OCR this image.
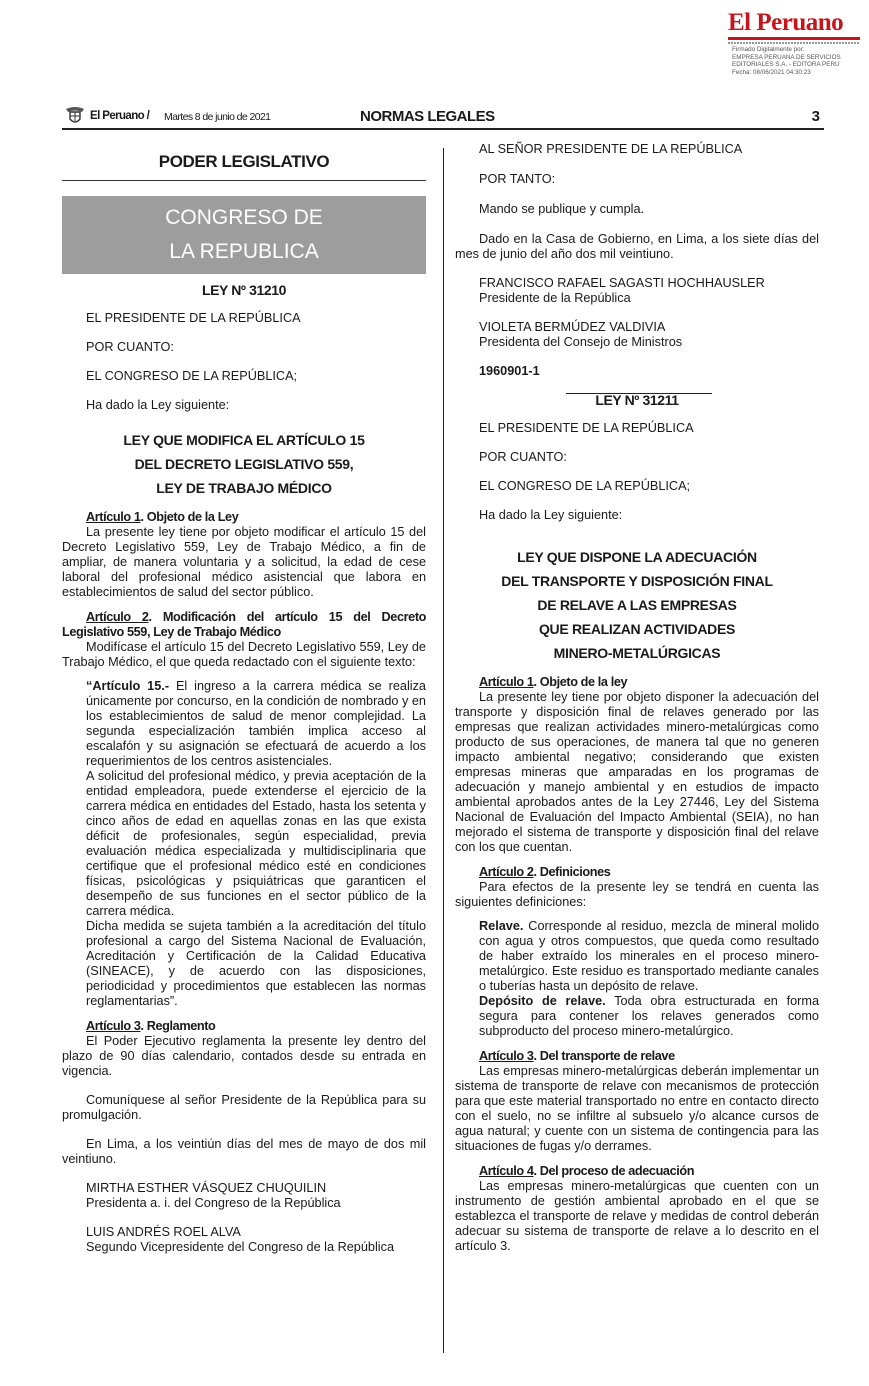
El Peruano
Firmado Digitalmente por:
EMPRESA PERUANA DE SERVICIOS
EDITORIALES S.A. - EDITORA PERU
Fecha: 08/06/2021 04:30:23
El Peruano / Martes 8 de junio de 2021	NORMAS LEGALES	3
PODER LEGISLATIVO
CONGRESO DE
LA REPUBLICA
LEY Nº 31210

EL PRESIDENTE DE LA REPÚBLICA

POR CUANTO:

EL CONGRESO DE LA REPÚBLICA;

Ha dado la Ley siguiente:

LEY QUE MODIFICA EL ARTÍCULO 15
DEL DECRETO LEGISLATIVO 559,
LEY DE TRABAJO MÉDICO

Artículo 1. Objeto de la Ley

La presente ley tiene por objeto modificar el artículo 15 del Decreto Legislativo 559, Ley de Trabajo Médico, a fin de ampliar, de manera voluntaria y a solicitud, la edad de cese laboral del profesional médico asistencial que labora en establecimientos de salud del sector público.

Artículo 2. Modificación del artículo 15 del Decreto Legislativo 559, Ley de Trabajo Médico

Modifícase el artículo 15 del Decreto Legislativo 559, Ley de Trabajo Médico, el que queda redactado con el siguiente texto:

“Artículo 15.- El ingreso a la carrera médica se realiza únicamente por concurso, en la condición de nombrado y en los establecimientos de salud de menor complejidad. La segunda especialización también implica acceso al escalafón y su asignación se efectuará de acuerdo a los requerimientos de los centros asistenciales.

A solicitud del profesional médico, y previa aceptación de la entidad empleadora, puede extenderse el ejercicio de la carrera médica en entidades del Estado, hasta los setenta y cinco años de edad en aquellas zonas en las que exista déficit de profesionales, según especialidad, previa evaluación médica especializada y multidisciplinaria que certifique que el profesional médico esté en condiciones físicas, psicológicas y psiquiátricas que garanticen el desempeño de sus funciones en el sector público de la carrera médica.

Dicha medida se sujeta también a la acreditación del título profesional a cargo del Sistema Nacional de Evaluación, Acreditación y Certificación de la Calidad Educativa (SINEACE), y de acuerdo con las disposiciones, periodicidad y procedimientos que establecen las normas reglamentarias”.

Artículo 3. Reglamento

El Poder Ejecutivo reglamenta la presente ley dentro del plazo de 90 días calendario, contados desde su entrada en vigencia.

Comuníquese al señor Presidente de la República para su promulgación.

En Lima, a los veintiún días del mes de mayo de dos mil veintiuno.

MIRTHA ESTHER VÁSQUEZ CHUQUILIN

Presidenta a. i. del Congreso de la República

LUIS ANDRÉS ROEL ALVA

Segundo Vicepresidente del Congreso de la República

AL SEÑOR PRESIDENTE DE LA REPÚBLICA

POR TANTO:

Mando se publique y cumpla.

Dado en la Casa de Gobierno, en Lima, a los siete días del mes de junio del año dos mil veintiuno.

FRANCISCO RAFAEL SAGASTI HOCHHAUSLER

Presidente de la República

VIOLETA BERMÚDEZ VALDIVIA

Presidenta del Consejo de Ministros

1960901-1

LEY Nº 31211

EL PRESIDENTE DE LA REPÚBLICA

POR CUANTO:

EL CONGRESO DE LA REPÚBLICA;

Ha dado la Ley siguiente:

LEY QUE DISPONE LA ADECUACIÓN
DEL TRANSPORTE Y DISPOSICIÓN FINAL
DE RELAVE A LAS EMPRESAS
QUE REALIZAN ACTIVIDADES
MINERO-METALÚRGICAS

Artículo 1. Objeto de la ley

La presente ley tiene por objeto disponer la adecuación del transporte y disposición final de relaves generado por las empresas que realizan actividades minero-metalúrgicas como producto de sus operaciones, de manera tal que no generen impacto ambiental negativo; considerando que existen empresas mineras que amparadas en los programas de adecuación y manejo ambiental y en estudios de impacto ambiental aprobados antes de la Ley 27446, Ley del Sistema Nacional de Evaluación del Impacto Ambiental (SEIA), no han mejorado el sistema de transporte y disposición final del relave con los que cuentan.

Artículo 2. Definiciones

Para efectos de la presente ley se tendrá en cuenta las siguientes definiciones:

Relave. Corresponde al residuo, mezcla de mineral molido con agua y otros compuestos, que queda como resultado de haber extraído los minerales en el proceso minero-metalúrgico. Este residuo es transportado mediante canales o tuberías hasta un depósito de relave.

Depósito de relave. Toda obra estructurada en forma segura para contener los relaves generados como subproducto del proceso minero-metalúrgico.

Artículo 3. Del transporte de relave

Las empresas minero-metalúrgicas deberán implementar un sistema de transporte de relave con mecanismos de protección para que este material transportado no entre en contacto directo con el suelo, no se infiltre al subsuelo y/o alcance cursos de agua natural; y cuente con un sistema de contingencia para las situaciones de fugas y/o derrames.

Artículo 4. Del proceso de adecuación

Las empresas minero-metalúrgicas que cuenten con un instrumento de gestión ambiental aprobado en el que se establezca el transporte de relave y medidas de control deberán adecuar su sistema de transporte de relave a lo descrito en el artículo 3.
